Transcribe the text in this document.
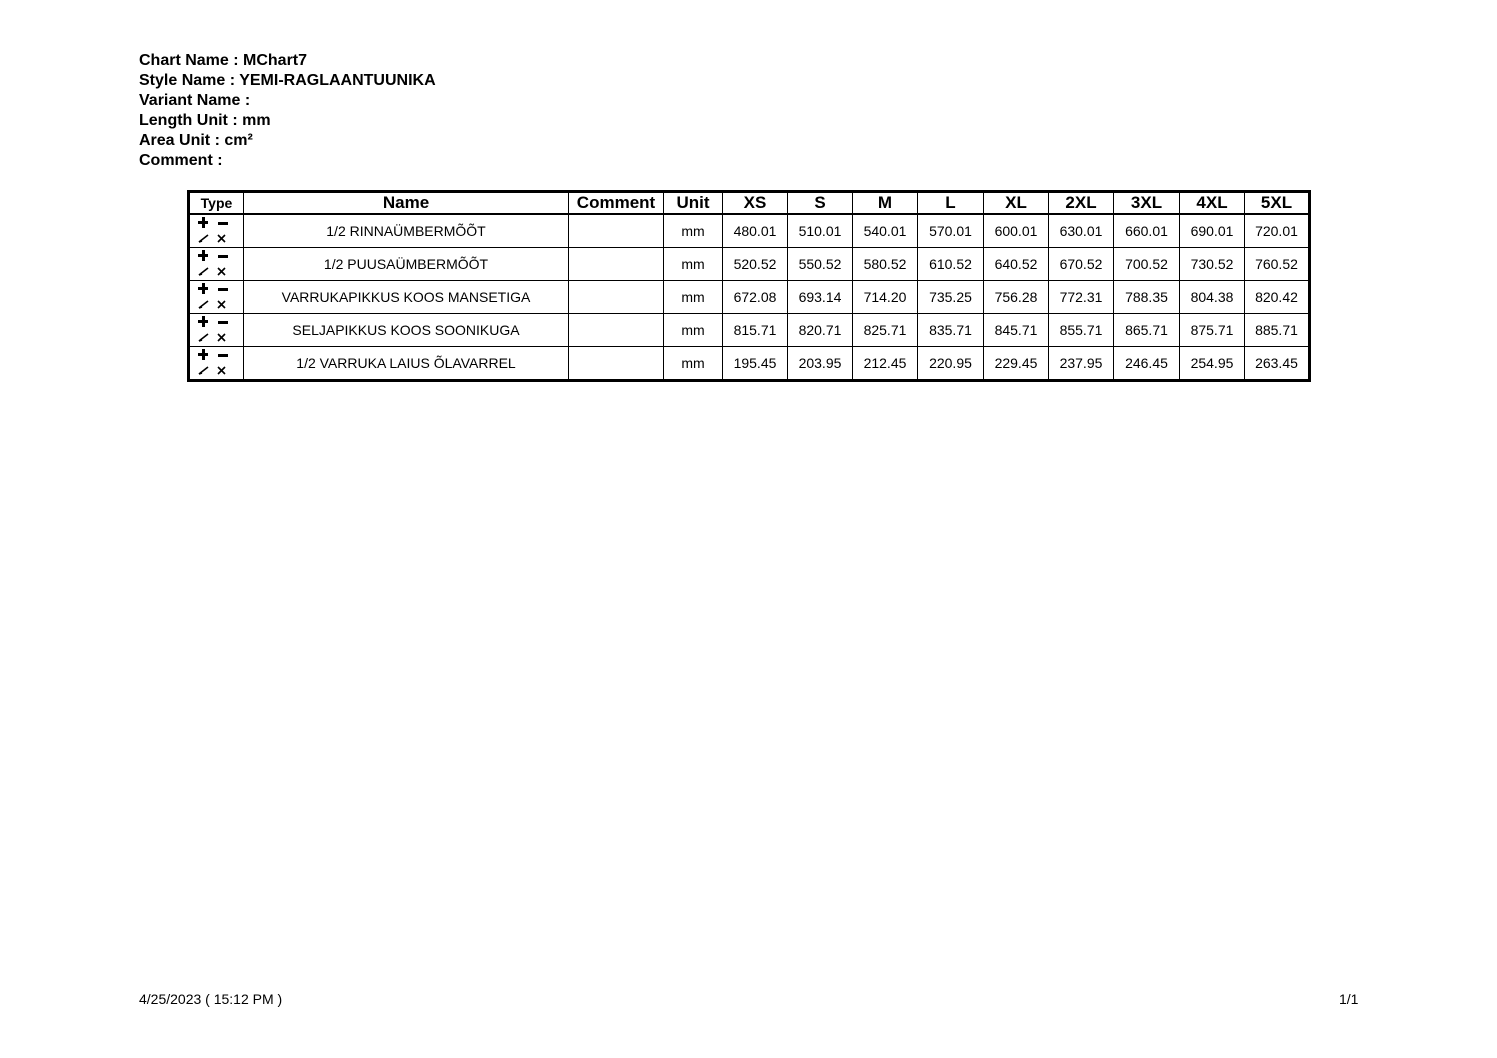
Chart Name : MChart7
Style Name : YEMI-RAGLAANTUUNIKA
Variant Name :
Length Unit : mm
Area Unit : cm²
Comment :
Type	Name	Comment	Unit	XS	S	M	L	XL	2XL	3XL	4XL	5XL

	1/2 RINNAÜMBERMÕÕT		mm	480.01	510.01	540.01	570.01	600.01	630.01	660.01	690.01	720.01

	1/2 PUUSAÜMBERMÕÕT		mm	520.52	550.52	580.52	610.52	640.52	670.52	700.52	730.52	760.52

	VARRUKAPIKKUS KOOS MANSETIGA		mm	672.08	693.14	714.20	735.25	756.28	772.31	788.35	804.38	820.42

	SELJAPIKKUS KOOS SOONIKUGA		mm	815.71	820.71	825.71	835.71	845.71	855.71	865.71	875.71	885.71

	1/2 VARRUKA LAIUS ÕLAVARREL		mm	195.45	203.95	212.45	220.95	229.45	237.95	246.45	254.95	263.45
4/25/2023 ( 15:12 PM )	1/1
